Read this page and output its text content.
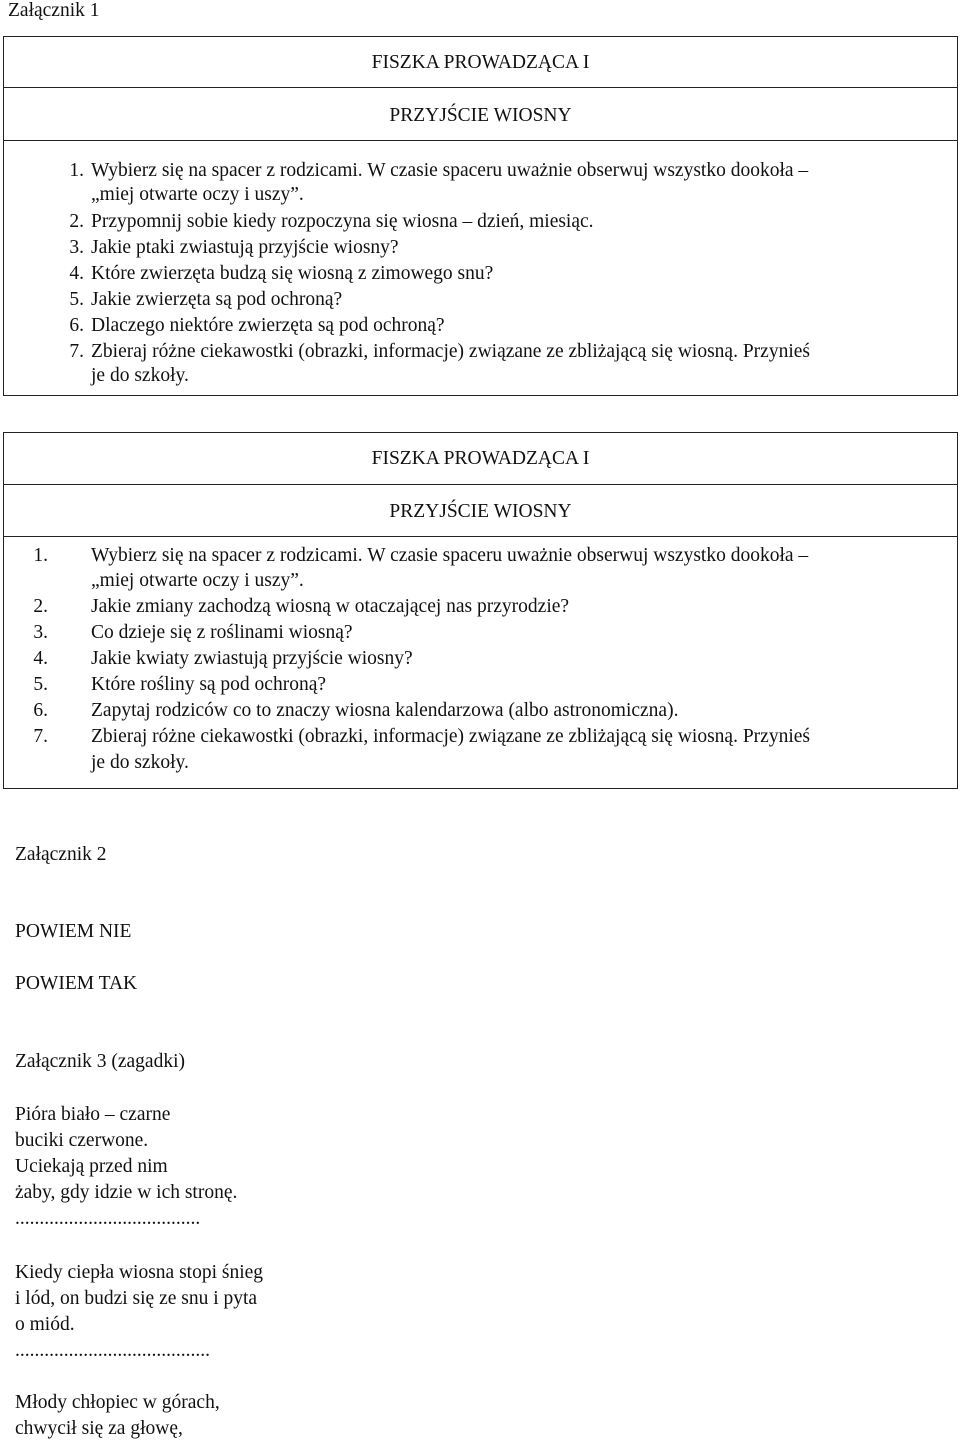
Załącznik 1
FISZKA PROWADZĄCA I
PRZYJŚCIE WIOSNY
1. Wybierz się na spacer z rodzicami. W czasie spaceru uważnie obserwuj wszystko dookoła –
„miej otwarte oczy i uszy”.
2. Przypomnij sobie kiedy rozpoczyna się wiosna – dzień, miesiąc.
3. Jakie ptaki zwiastują przyjście wiosny?
4. Które zwierzęta budzą się wiosną z zimowego snu?
5. Jakie zwierzęta są pod ochroną?
6. Dlaczego niektóre zwierzęta są pod ochroną?
7. Zbieraj różne ciekawostki (obrazki, informacje) związane ze zbliżającą się wiosną. Przynieś
je do szkoły.
FISZKA PROWADZĄCA I
PRZYJŚCIE WIOSNY
1. Wybierz się na spacer z rodzicami. W czasie spaceru uważnie obserwuj wszystko dookoła –
„miej otwarte oczy i uszy”.
2. Jakie zmiany zachodzą wiosną w otaczającej nas przyrodzie?
3. Co dzieje się z roślinami wiosną?
4. Jakie kwiaty zwiastują przyjście wiosny?
5. Które rośliny są pod ochroną?
6. Zapytaj rodziców co to znaczy wiosna kalendarzowa (albo astronomiczna).
7. Zbieraj różne ciekawostki (obrazki, informacje) związane ze zbliżającą się wiosną. Przynieś
je do szkoły.
Załącznik 2
POWIEM NIE
POWIEM TAK
Załącznik 3 (zagadki)
Pióra biało – czarne
buciki czerwone.
Uciekają przed nim
żaby, gdy idzie w ich stronę.
......................................
Kiedy ciepła wiosna stopi śnieg
i lód, on budzi się ze snu i pyta
o miód.
........................................
Młody chłopiec w górach,
chwycił się za głowę,
